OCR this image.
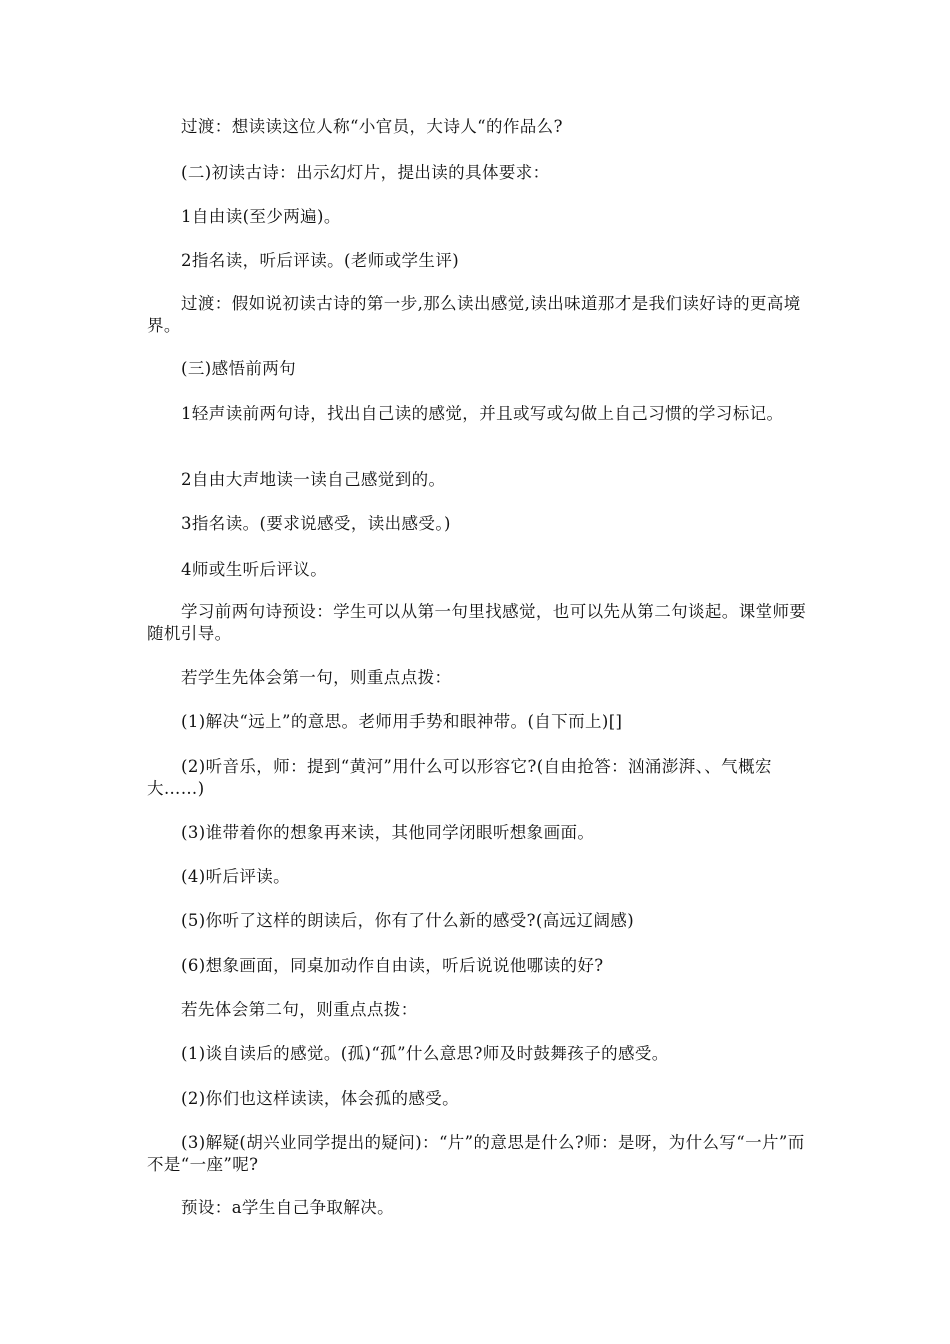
过渡：想读读这位人称“小官员，大诗人“的作品么?
(二)初读古诗：出示幻灯片，提出读的具体要求：
1自由读(至少两遍)。
2指名读，听后评读。(老师或学生评)
过渡：假如说初读古诗的第一步,那么读出感觉,读出味道那才是我们读好诗的更高境界。
(三)感悟前两句
1轻声读前两句诗，找出自己读的感觉，并且或写或勾做上自己习惯的学习标记。
2自由大声地读一读自己感觉到的。
3指名读。(要求说感受，读出感受。)
4师或生听后评议。
学习前两句诗预设：学生可以从第一句里找感觉，也可以先从第二句谈起。课堂师要随机引导。
若学生先体会第一句，则重点点拨：
(1)解决“远上”的意思。老师用手势和眼神带。(自下而上)[]
(2)听音乐，师：提到“黄河”用什么可以形容它?(自由抢答：汹涌澎湃、、气概宏大……)
(3)谁带着你的想象再来读，其他同学闭眼听想象画面。
(4)听后评读。
(5)你听了这样的朗读后，你有了什么新的感受?(高远辽阔感)
(6)想象画面，同桌加动作自由读，听后说说他哪读的好?
若先体会第二句，则重点点拨：
(1)谈自读后的感觉。(孤)“孤”什么意思?师及时鼓舞孩子的感受。
(2)你们也这样读读，体会孤的感受。
(3)解疑(胡兴业同学提出的疑问)：“片”的意思是什么?师：是呀，为什么写“一片”而不是“一座”呢?
预设：a学生自己争取解决。
